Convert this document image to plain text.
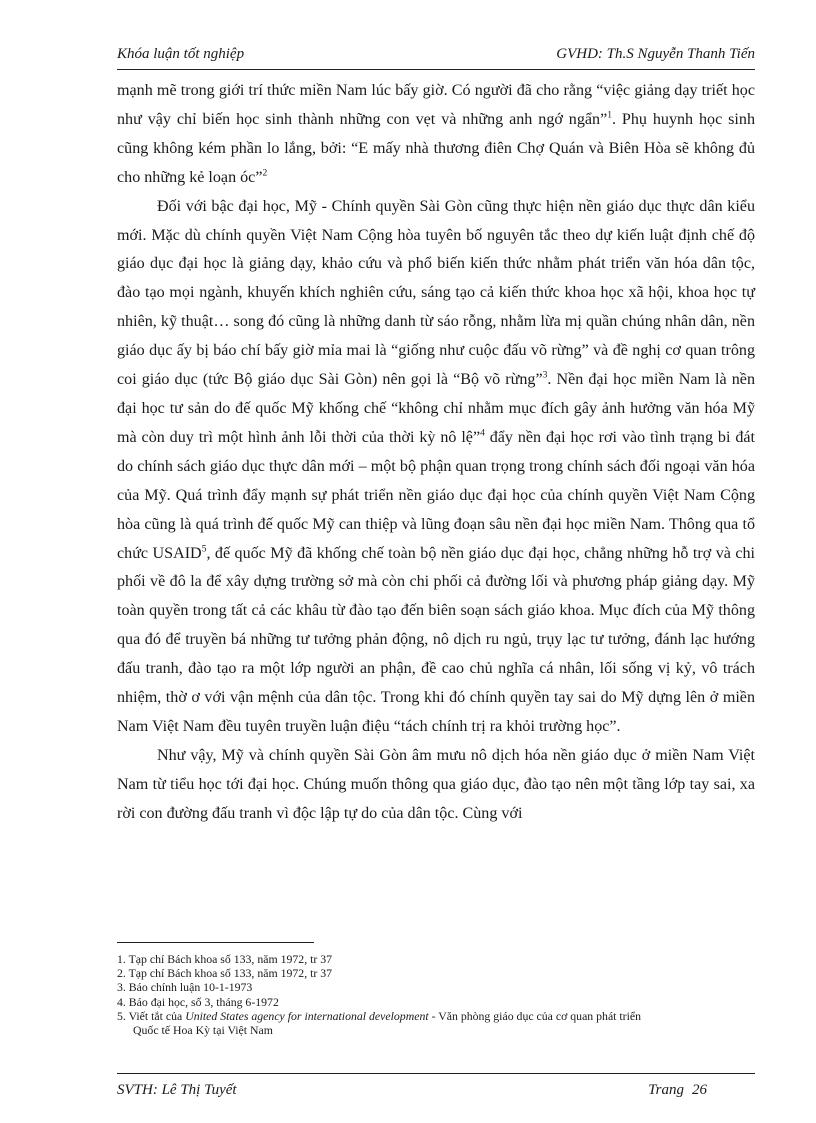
Khóa luận tốt nghiệp	GVHD: Th.S Nguyễn Thanh Tiến

mạnh mẽ trong giới trí thức miền Nam lúc bấy giờ. Có người đã cho rằng “việc giảng dạy triết học như vậy chỉ biến học sinh thành những con vẹt và những anh ngớ ngẩn”$^1$. Phụ huynh học sinh cũng không kém phần lo lắng, bởi: “E mấy nhà thương điên Chợ Quán và Biên Hòa sẽ không đủ cho những kẻ loạn óc”$^2$

Đối với bậc đại học, Mỹ - Chính quyền Sài Gòn cũng thực hiện nền giáo dục thực dân kiểu mới. Mặc dù chính quyền Việt Nam Cộng hòa tuyên bố nguyên tắc theo dự kiến luật định chế độ giáo dục đại học là giảng dạy, khảo cứu và phổ biến kiến thức nhằm phát triển văn hóa dân tộc, đào tạo mọi ngành, khuyến khích nghiên cứu, sáng tạo cả kiến thức khoa học xã hội, khoa học tự nhiên, kỹ thuật… song đó cũng là những danh từ sáo rỗng, nhằm lừa mị quần chúng nhân dân, nền giáo dục ấy bị báo chí bấy giờ mỉa mai là “giống như cuộc đấu võ rừng” và đề nghị cơ quan trông coi giáo dục (tức Bộ giáo dục Sài Gòn) nên gọi là “Bộ võ rừng”$^3$. Nền đại học miền Nam là nền đại học tư sản do đế quốc Mỹ khống chế “không chỉ nhằm mục đích gây ảnh hưởng văn hóa Mỹ mà còn duy trì một hình ảnh lỗi thời của thời kỳ nô lệ”$^4$ đẩy nền đại học rơi vào tình trạng bi đát do chính sách giáo dục thực dân mới – một bộ phận quan trọng trong chính sách đối ngoại văn hóa của Mỹ. Quá trình đẩy mạnh sự phát triển nền giáo dục đại học của chính quyền Việt Nam Cộng hòa cũng là quá trình đế quốc Mỹ can thiệp và lũng đoạn sâu nền đại học miền Nam. Thông qua tổ chức USAID$^5$, đế quốc Mỹ đã khống chế toàn bộ nền giáo dục đại học, chẳng những hỗ trợ và chi phối về đô la để xây dựng trường sở mà còn chi phối cả đường lối và phương pháp giảng dạy. Mỹ toàn quyền trong tất cả các khâu từ đào tạo đến biên soạn sách giáo khoa. Mục đích của Mỹ thông qua đó để truyền bá những tư tưởng phản động, nô dịch ru ngủ, trụy lạc tư tưởng, đánh lạc hướng đấu tranh, đào tạo ra một lớp người an phận, đề cao chủ nghĩa cá nhân, lối sống vị kỷ, vô trách nhiệm, thờ ơ với vận mệnh của dân tộc. Trong khi đó chính quyền tay sai do Mỹ dựng lên ở miền Nam Việt Nam đều tuyên truyền luận điệu “tách chính trị ra khỏi trường học”.

Như vậy, Mỹ và chính quyền Sài Gòn âm mưu nô dịch hóa nền giáo dục ở miền Nam Việt Nam từ tiểu học tới đại học. Chúng muốn thông qua giáo dục, đào tạo nên một tầng lớp tay sai, xa rời con đường đấu tranh vì độc lập tự do của dân tộc. Cùng với

1. Tạp chí Bách khoa số 133, năm 1972, tr 37
2. Tạp chí Bách khoa số 133, năm 1972, tr 37
3. Báo chính luận 10-1-1973
4. Báo đại học, số 3, tháng 6-1972
5. Viết tắt của United States agency for international development - Văn phòng giáo dục của cơ quan phát triển
Quốc tế Hoa Kỳ tại Việt Nam
SVTH: Lê Thị Tuyết	Trang 26
